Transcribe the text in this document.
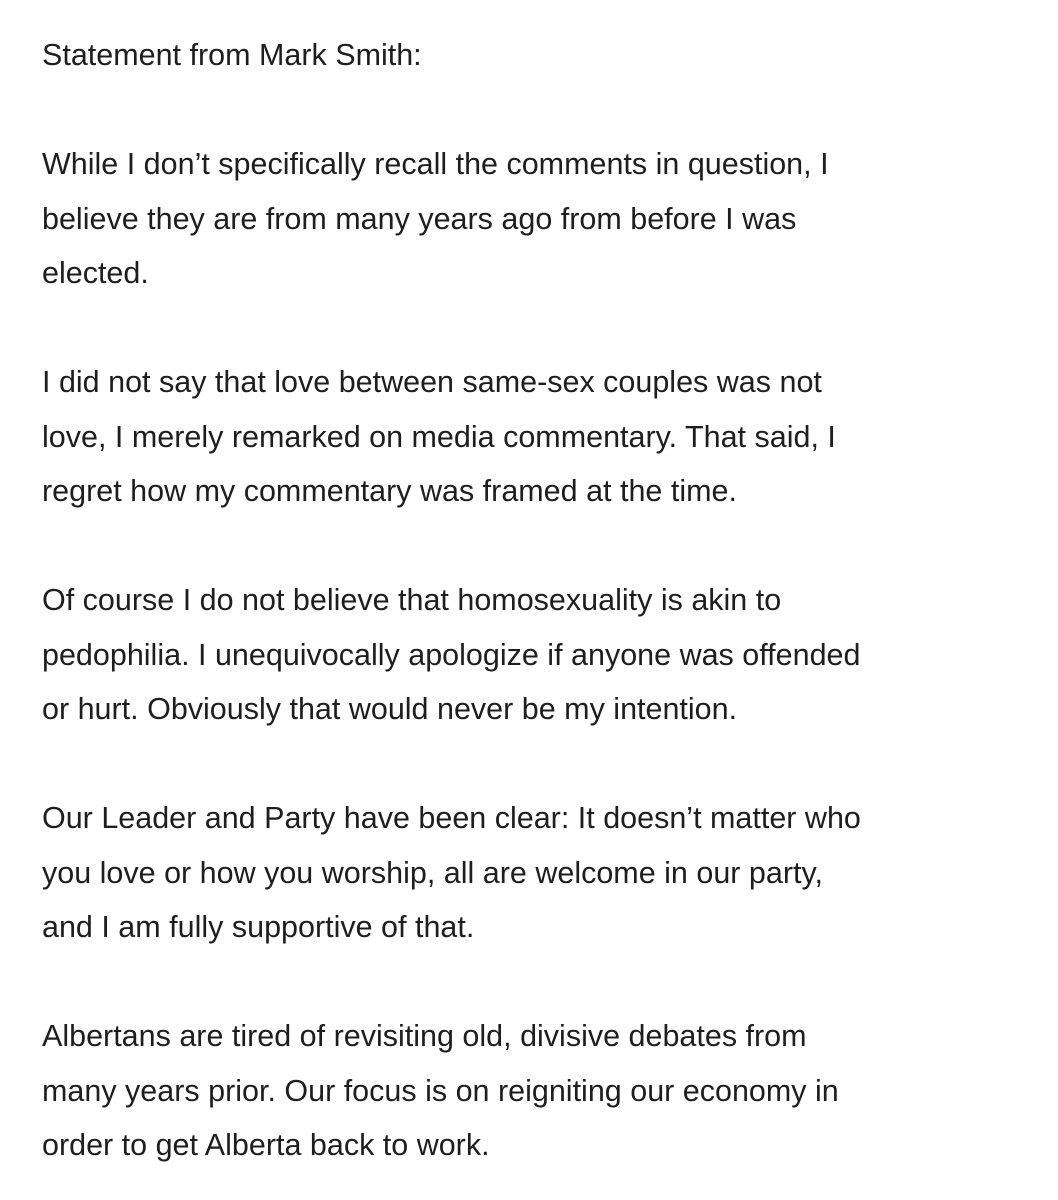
Statement from Mark Smith:

While I don’t specifically recall the comments in question, I
believe they are from many years ago from before I was
elected.

I did not say that love between same-sex couples was not
love, I merely remarked on media commentary. That said, I
regret how my commentary was framed at the time.

Of course I do not believe that homosexuality is akin to
pedophilia. I unequivocally apologize if anyone was offended
or hurt. Obviously that would never be my intention.

Our Leader and Party have been clear: It doesn’t matter who
you love or how you worship, all are welcome in our party,
and I am fully supportive of that.

Albertans are tired of revisiting old, divisive debates from
many years prior. Our focus is on reigniting our economy in
order to get Alberta back to work.
